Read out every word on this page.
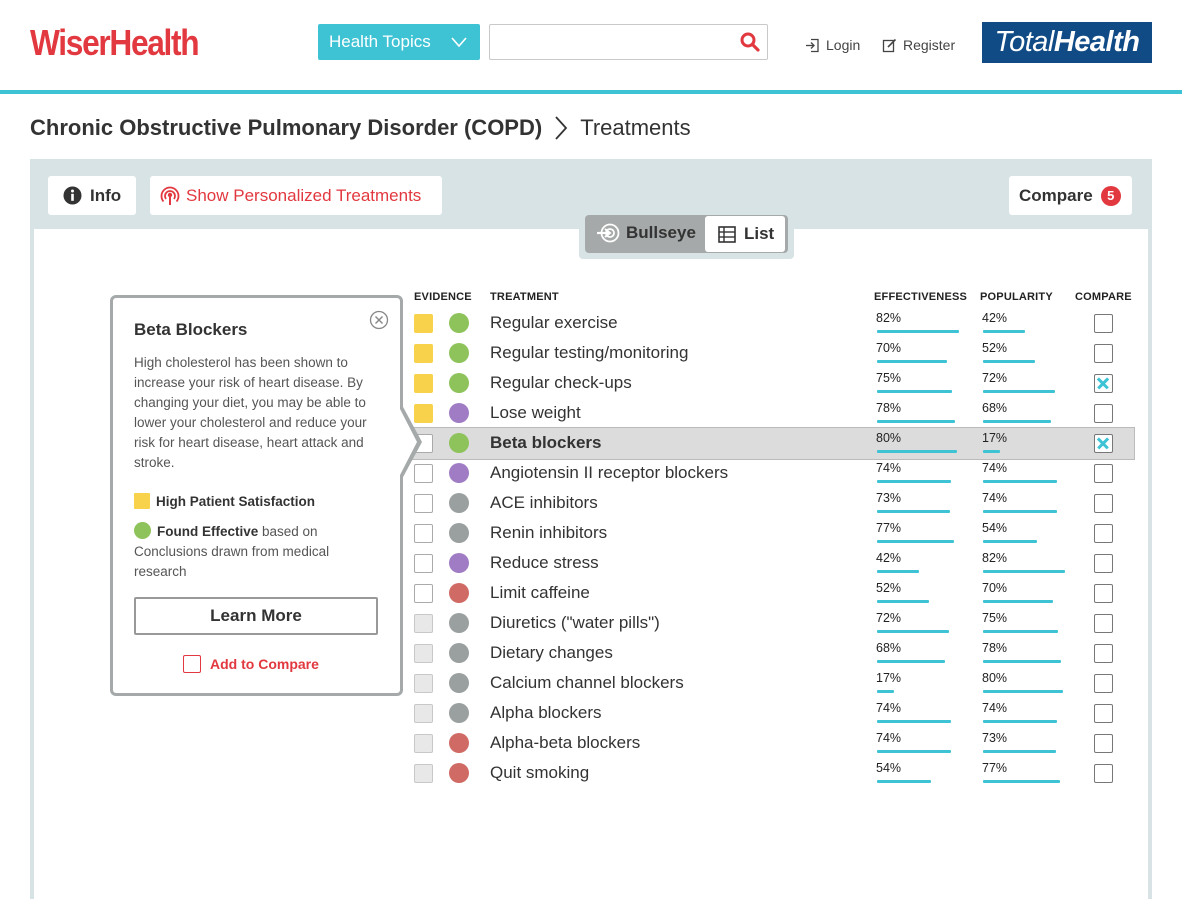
WiserHealth	Health Topics	Login	Register Total Health
Chronic Obstructive Pulmonary Disorder (COPD) Treatments
Info	Show Personalized Treatments	Compare	5
Bullseye	List
EVIDENCE TREATMENT	EFFECTIVENESS POPULARITY COMPARE
Regular exercise	82%	42%
Regular testing/monitoring	70%	52%
Regular check-ups	75%	72%
Lose weight	78%	68%
Beta blockers	80%	17%
Angiotensin II receptor blockers	74%	74%
ACE inhibitors	73%	74%
Renin inhibitors	77%	54%
Reduce stress	42%	82%
Limit caffeine	52%	70%
Diuretics ("water pills")	72%	75%
Dietary changes	68%	78%
Calcium channel blockers	17%	80%
Alpha blockers	74%	74%
Alpha-beta blockers	74%	73%
Quit smoking	54%	77%
Beta Blockers
High cholesterol has been shown to increase your risk of heart disease. By changing your diet, you may be able to lower your cholesterol and reduce your risk for heart disease, heart attack and stroke.
High Patient Satisfaction
Found Effective based on Conclusions drawn from medical research
Learn More
Add to Compare
